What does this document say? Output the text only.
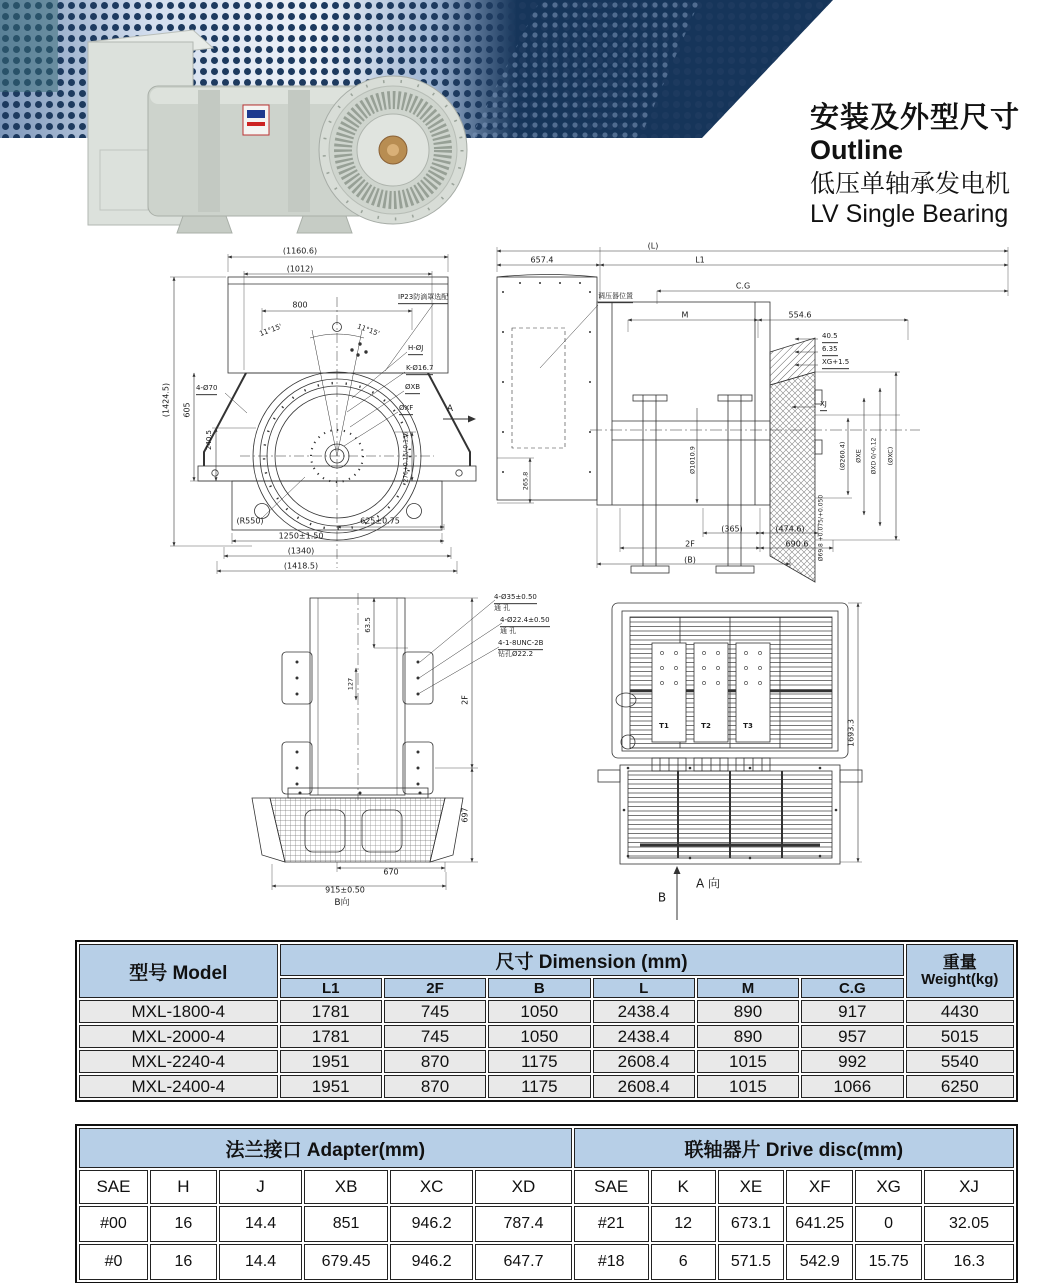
安装及外型尺寸
Outline
低压单轴承发电机
LV Single Bearing
(1160.6)
(1012)
800
11°15'	11°15'
IP23防滴罩选配
H-ØJ
K-Ø16.7
ØXB
ØXF
4-Ø70
(1424.5) 605
240.5	276+0.15/-0.136
(R550)	625±0.75
1250±1.50
(1340)
(1418.5)
(L)
657.4	L1
C.G
M	554.6
调压器位置
40.5
6.35
XG+1.5
XJ
(Ø260.4) ØXE ØXD 0/-0.12 (ØXC)
Ø69.8 +0.075/+0.050
Ø1010.9
265.8
A
(365)	(474.6)
2F	690.6
(B)
4-Ø35±0.50
通 孔
4-Ø22.4±0.50
通 孔
4-1-8UNC-2B
钻孔Ø22.2
63.5
127
2F
697
670
915±0.50
B向
T1	T2	T3	1693.3
A 向
B
型号 Model	尺寸 Dimension (mm)						重量
Weight(kg)

	L1	2F	B	L	M	C.G	
MXL-1800-4	1781	745	1050	2438.4	890	917	4430
MXL-2000-4	1781	745	1050	2438.4	890	957	5015
MXL-2240-4	1951	870	1175	2608.4	1015	992	5540
MXL-2400-4	1951	870	1175	2608.4	1015	1066	6250
法兰接口 Adapter(mm)						联轴器片 Drive disc(mm)					
SAE	H	J	XB	XC	XD	SAE	K	XE	XF	XG	XJ
#00	16	14.4	851	946.2	787.4	#21	12	673.1	641.25	0	32.05
#0	16	14.4	679.45	946.2	647.7	#18	6	571.5	542.9	15.75	16.3
